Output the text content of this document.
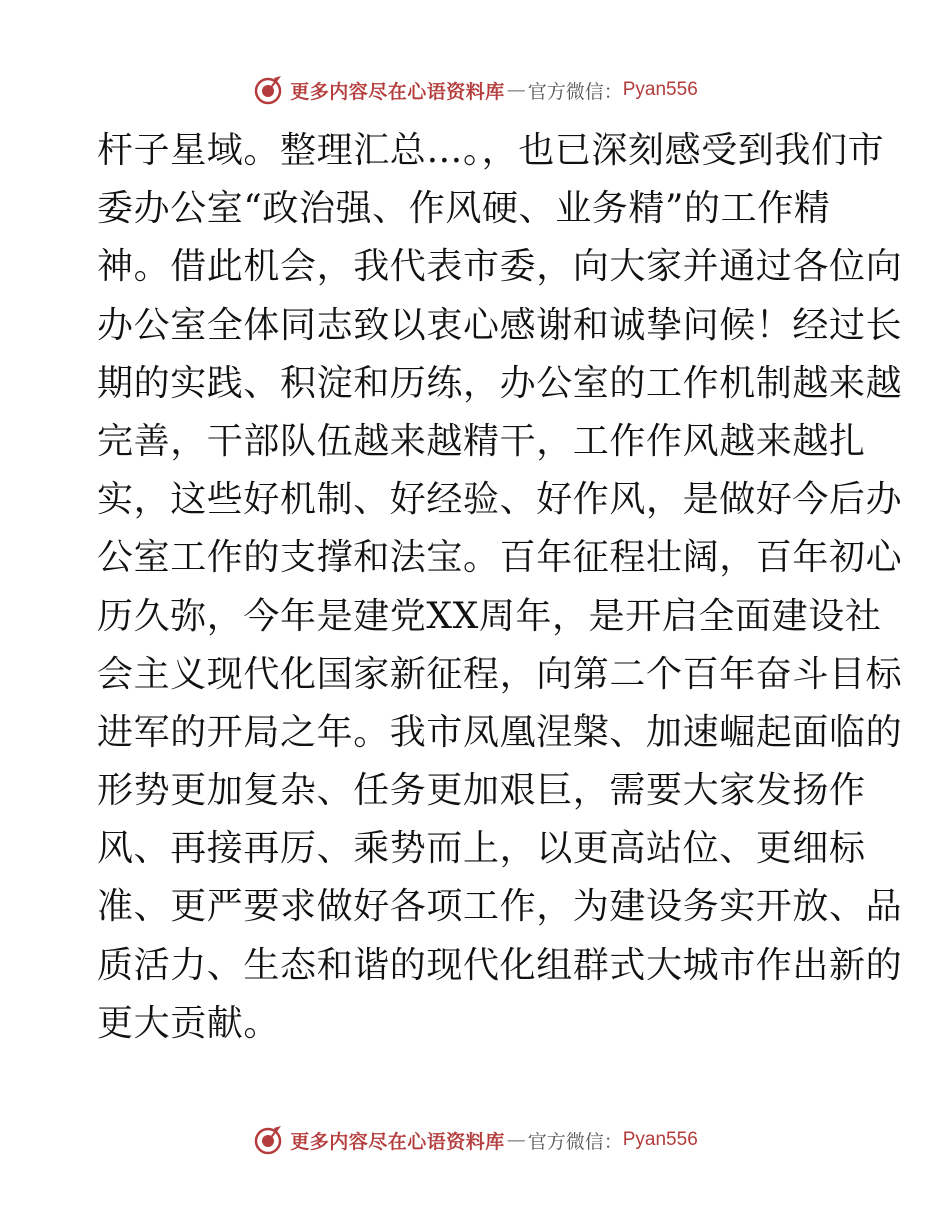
更多内容尽在心语资料库 — 官方微信： Pyan556
杆子星域。整理汇总…。，也已深刻感受到我们市
委办公室“政治强、作风硬、业务精”的工作精
神。借此机会，我代表市委，向大家并通过各位向
办公室全体同志致以衷心感谢和诚挚问候！经过长
期的实践、积淀和历练，办公室的工作机制越来越
完善，干部队伍越来越精干，工作作风越来越扎
实，这些好机制、好经验、好作风，是做好今后办
公室工作的支撑和法宝。百年征程壮阔，百年初心
历久弥，今年是建党XX周年，是开启全面建设社
会主义现代化国家新征程，向第二个百年奋斗目标
进军的开局之年。我市凤凰涅槃、加速崛起面临的
形势更加复杂、任务更加艰巨，需要大家发扬作
风、再接再厉、乘势而上，以更高站位、更细标
准、更严要求做好各项工作，为建设务实开放、品
质活力、生态和谐的现代化组群式大城市作出新的
更大贡献。
更多内容尽在心语资料库 — 官方微信： Pyan556
